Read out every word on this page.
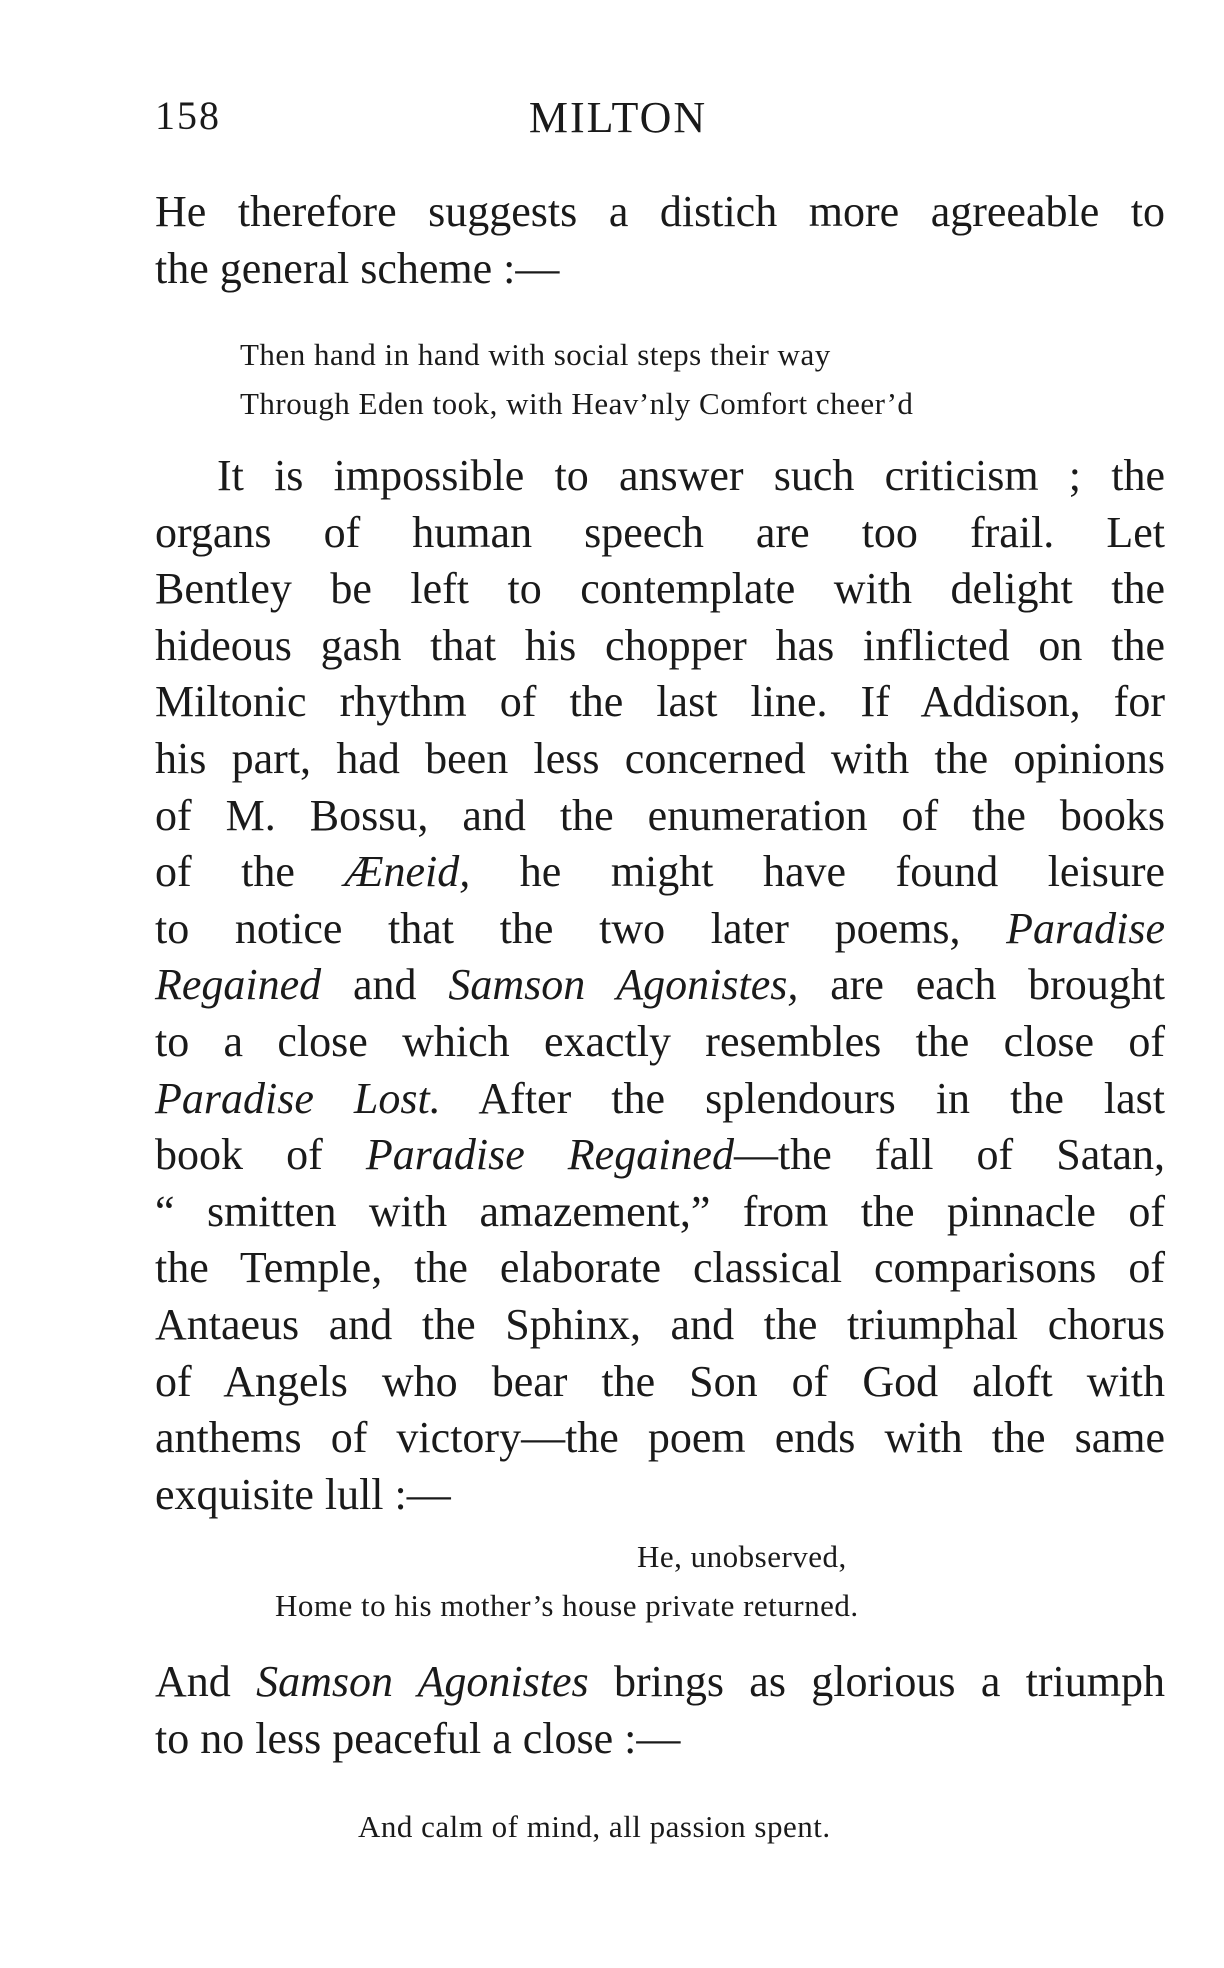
158	MILTON
He therefore suggests a distich more agreeable to
the general scheme :—
Then hand in hand with social steps their way
Through Eden took, with Heav’nly Comfort cheer’d
It is impossible to answer such criticism ; the
organs of human speech are too frail. Let
Bentley be left to contemplate with delight the
hideous gash that his chopper has inflicted on the
Miltonic rhythm of the last line. If Addison, for
his part, had been less concerned with the opinions
of M. Bossu, and the enumeration of the books
of the Æneid, he might have found leisure
to notice that the two later poems, Paradise
Regained and Samson Agonistes, are each brought
to a close which exactly resembles the close of
Paradise Lost. After the splendours in the last
book of Paradise Regained—the fall of Satan,
“ smitten with amazement,” from the pinnacle of
the Temple, the elaborate classical comparisons of
Antaeus and the Sphinx, and the triumphal chorus
of Angels who bear the Son of God aloft with
anthems of victory—the poem ends with the same
exquisite lull :—
He, unobserved,
Home to his mother’s house private returned.
And Samson Agonistes brings as glorious a triumph
to no less peaceful a close :—
And calm of mind, all passion spent.
